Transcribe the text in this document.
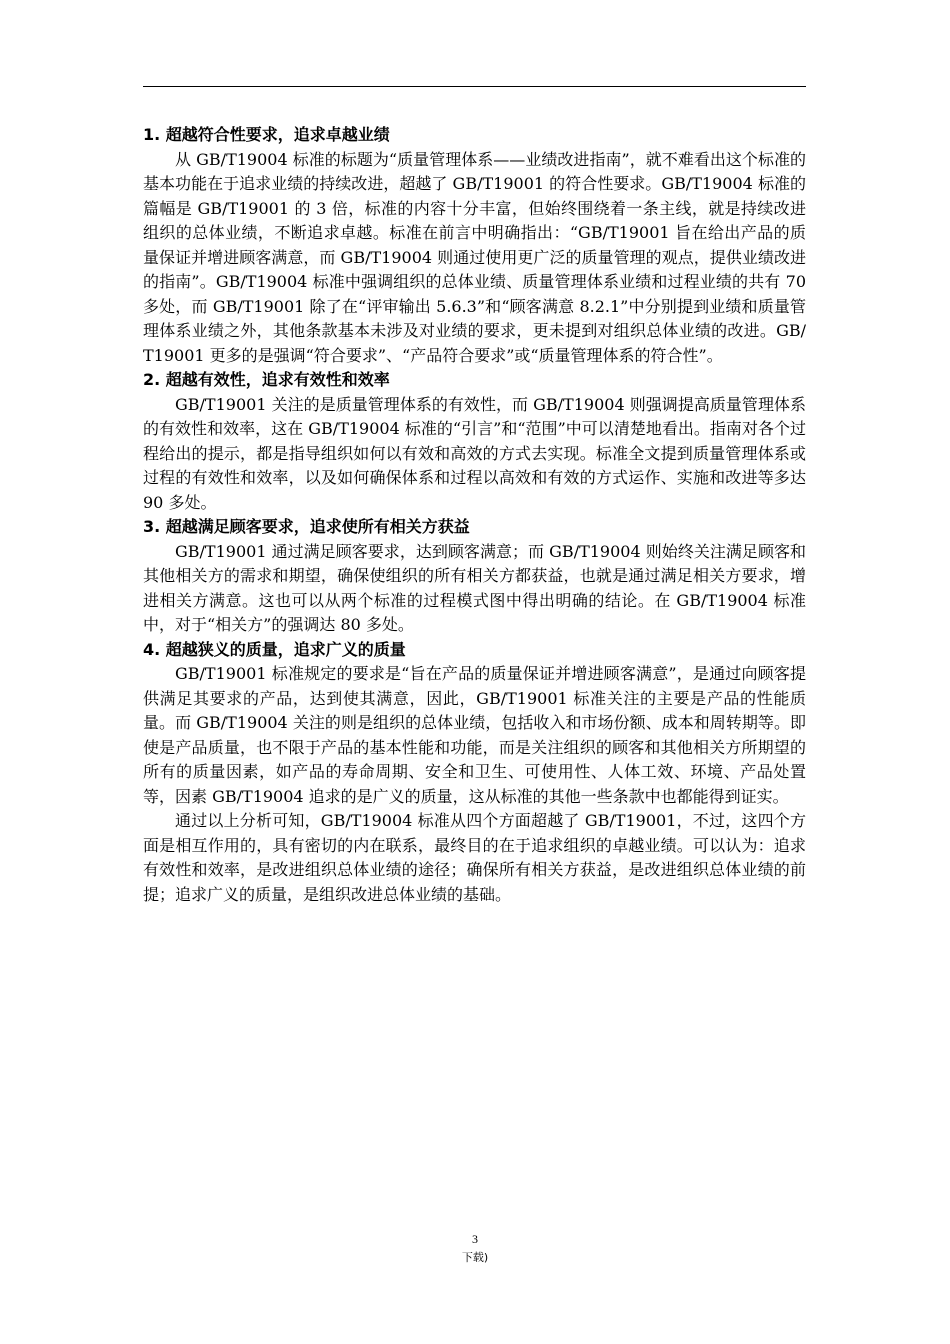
1. 超越符合性要求，追求卓越业绩

从 GB/T19004 标准的标题为“质量管理体系——业绩改进指南”，就不难看出这个标准的基本功能在于追求业绩的持续改进，超越了 GB/T19001 的符合性要求。GB/T19004 标准的篇幅是 GB/T19001 的 3 倍，标准的内容十分丰富，但始终围绕着一条主线，就是持续改进组织的总体业绩，不断追求卓越。标准在前言中明确指出：“GB/T19001 旨在给出产品的质量保证并增进顾客满意，而 GB/T19004 则通过使用更广泛的质量管理的观点，提供业绩改进的指南”。GB/T19004 标准中强调组织的总体业绩、质量管理体系业绩和过程业绩的共有 70 多处，而 GB/T19001 除了在“评审输出 5.6.3”和“顾客满意 8.2.1”中分别提到业绩和质量管理体系业绩之外，其他条款基本未涉及对业绩的要求，更未提到对组织总体业绩的改进。GB/T19001 更多的是强调“符合要求”、“产品符合要求”或“质量管理体系的符合性”。

2. 超越有效性，追求有效性和效率

GB/T19001 关注的是质量管理体系的有效性，而 GB/T19004 则强调提高质量管理体系的有效性和效率，这在 GB/T19004 标准的“引言”和“范围”中可以清楚地看出。指南对各个过程给出的提示，都是指导组织如何以有效和高效的方式去实现。标准全文提到质量管理体系或过程的有效性和效率，以及如何确保体系和过程以高效和有效的方式运作、实施和改进等多达 90 多处。

3. 超越满足顾客要求，追求使所有相关方获益

GB/T19001 通过满足顾客要求，达到顾客满意；而 GB/T19004 则始终关注满足顾客和其他相关方的需求和期望，确保使组织的所有相关方都获益，也就是通过满足相关方要求，增进相关方满意。这也可以从两个标准的过程模式图中得出明确的结论。在 GB/T19004 标准中，对于“相关方”的强调达 80 多处。

4. 超越狭义的质量，追求广义的质量

GB/T19001 标准规定的要求是“旨在产品的质量保证并增进顾客满意”，是通过向顾客提供满足其要求的产品，达到使其满意，因此，GB/T19001 标准关注的主要是产品的性能质量。而 GB/T19004 关注的则是组织的总体业绩，包括收入和市场份额、成本和周转期等。即使是产品质量，也不限于产品的基本性能和功能，而是关注组织的顾客和其他相关方所期望的所有的质量因素，如产品的寿命周期、安全和卫生、可使用性、人体工效、环境、产品处置等，因素 GB/T19004 追求的是广义的质量，这从标准的其他一些条款中也都能得到证实。

通过以上分析可知，GB/T19004 标准从四个方面超越了 GB/T19001，不过，这四个方面是相互作用的，具有密切的内在联系，最终目的在于追求组织的卓越业绩。可以认为：追求有效性和效率，是改进组织总体业绩的途径；确保所有相关方获益，是改进组织总体业绩的前提；追求广义的质量，是组织改进总体业绩的基础。

3
下载)
